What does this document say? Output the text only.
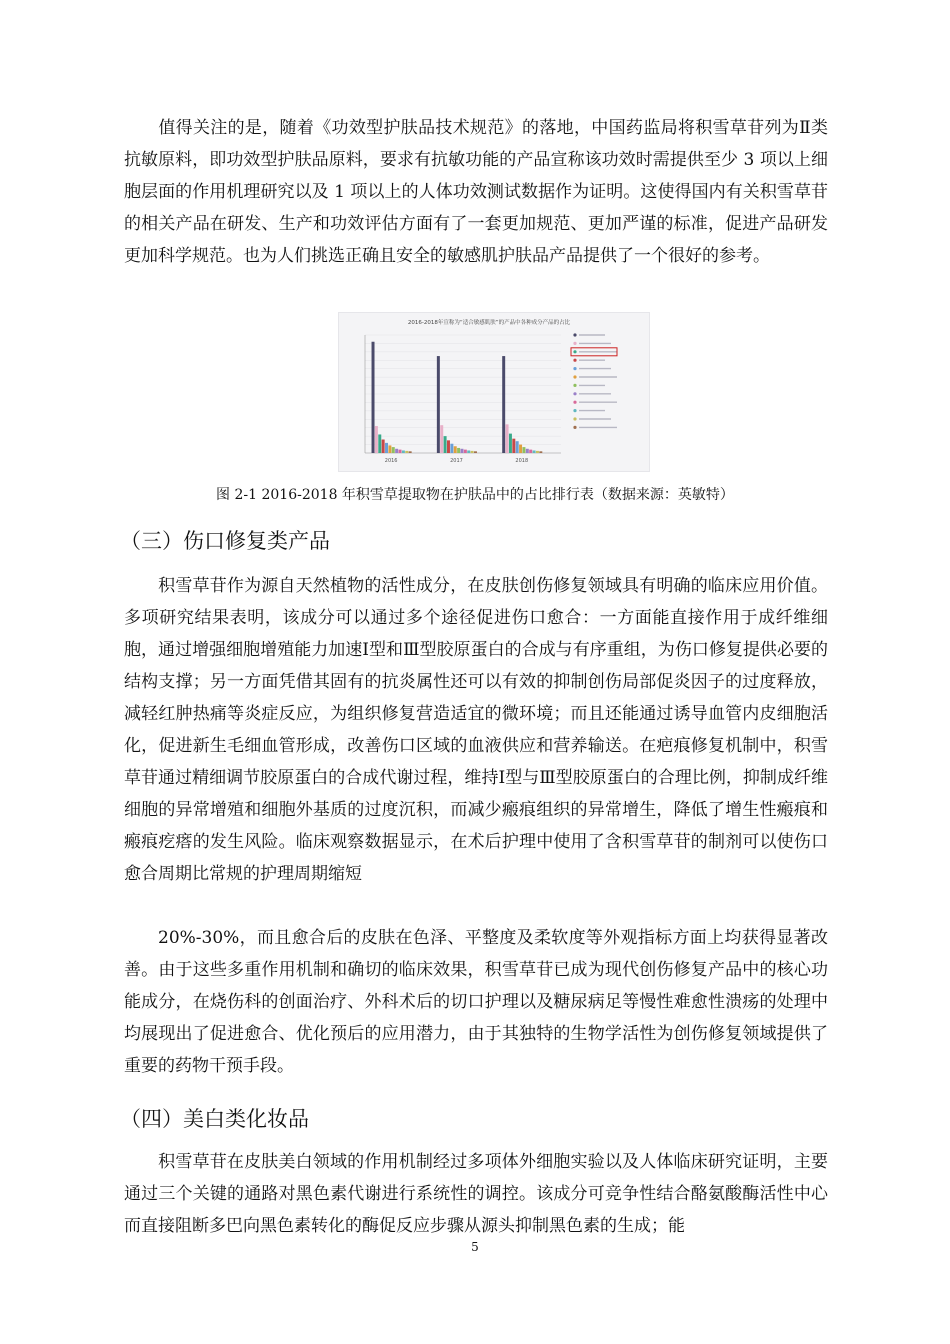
值得关注的是，随着《功效型护肤品技术规范》的落地，中国药监局将积雪草苷列为Ⅱ类抗敏原料，即功效型护肤品原料，要求有抗敏功能的产品宣称该功效时需提供至少 3 项以上细胞层面的作用机理研究以及 1 项以上的人体功效测试数据作为证明。这使得国内有关积雪草苷的相关产品在研发、生产和功效评估方面有了一套更加规范、更加严谨的标准，促进产品研发更加科学规范。也为人们挑选正确且安全的敏感肌护肤品产品提供了一个很好的参考。

2016-2018年宣称为“适合敏感肌肤”的产品中各种成分产品的占比
2016	2017	2018

图 2-1 2016-2018 年积雪草提取物在护肤品中的占比排行表（数据来源：英敏特）

（三）伤口修复类产品

积雪草苷作为源自天然植物的活性成分，在皮肤创伤修复领域具有明确的临床应用价值。多项研究结果表明，该成分可以通过多个途径促进伤口愈合：一方面能直接作用于成纤维细胞，通过增强细胞增殖能力加速Ⅰ型和Ⅲ型胶原蛋白的合成与有序重组，为伤口修复提供必要的结构支撑；另一方面凭借其固有的抗炎属性还可以有效的抑制创伤局部促炎因子的过度释放，减轻红肿热痛等炎症反应，为组织修复营造适宜的微环境；而且还能通过诱导血管内皮细胞活化，促进新生毛细血管形成，改善伤口区域的血液供应和营养输送。在疤痕修复机制中，积雪草苷通过精细调节胶原蛋白的合成代谢过程，维持Ⅰ型与Ⅲ型胶原蛋白的合理比例，抑制成纤维细胞的异常增殖和细胞外基质的过度沉积，而减少瘢痕组织的异常增生，降低了增生性瘢痕和瘢痕疙瘩的发生风险。临床观察数据显示，在术后护理中使用了含积雪草苷的制剂可以使伤口愈合周期比常规的护理周期缩短

20%-30%，而且愈合后的皮肤在色泽、平整度及柔软度等外观指标方面上均获得显著改善。由于这些多重作用机制和确切的临床效果，积雪草苷已成为现代创伤修复产品中的核心功能成分，在烧伤科的创面治疗、外科术后的切口护理以及糖尿病足等慢性难愈性溃疡的处理中均展现出了促进愈合、优化预后的应用潜力，由于其独特的生物学活性为创伤修复领域提供了重要的药物干预手段。

（四）美白类化妆品

积雪草苷在皮肤美白领域的作用机制经过多项体外细胞实验以及人体临床研究证明，主要通过三个关键的通路对黑色素代谢进行系统性的调控。该成分可竞争性结合酪氨酸酶活性中心而直接阻断多巴向黑色素转化的酶促反应步骤从源头抑制黑色素的生成；能

5
